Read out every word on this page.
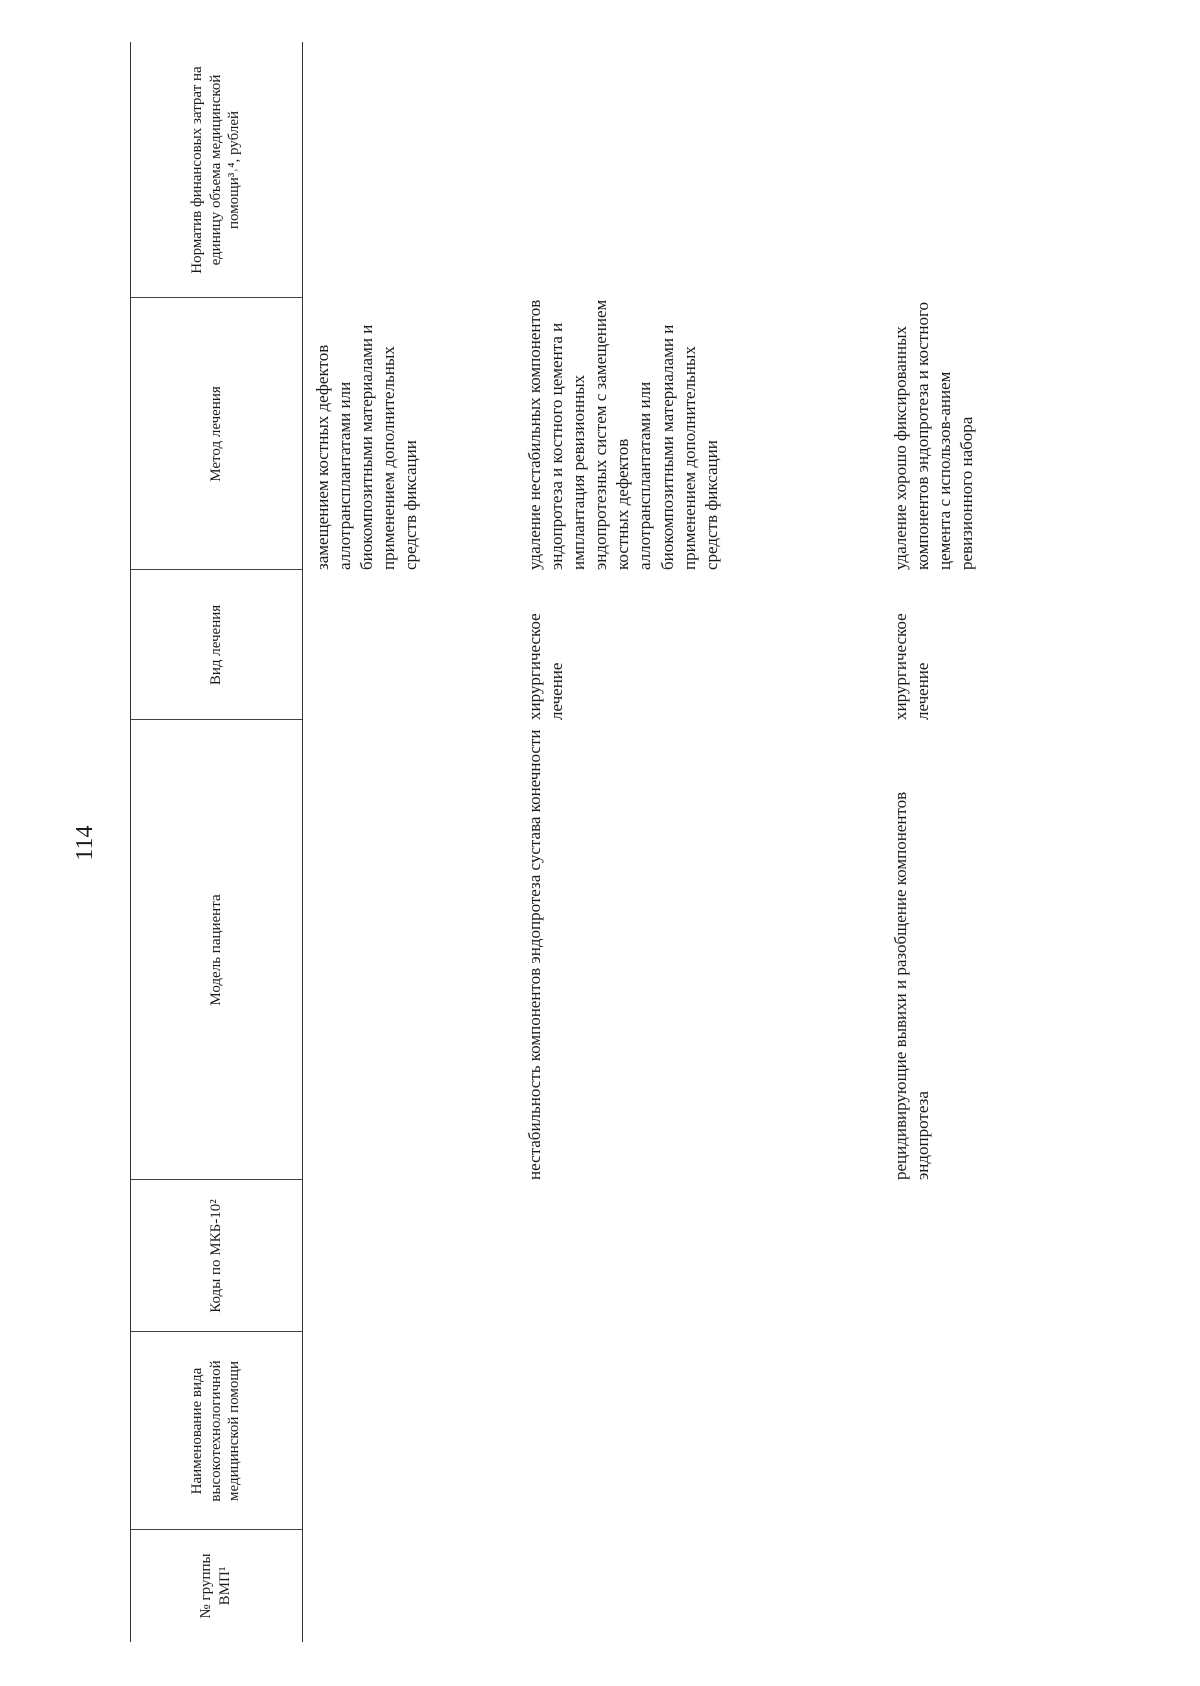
114
№ группы ВМП¹
Наименование вида высокотехнологичной медицинской помощи
Коды по МКБ-10²
Модель пациента
Вид лечения
Метод лечения
Норматив финансовых затрат на единицу объема медицинской помощи³˒⁴, рублей
замещением костных дефектов аллотрансплантатами или биокомпозитными материалами и применением дополнительных средств фиксации
нестабильность компонентов эндопротеза сустава конечности
хирургическое лечение
удаление нестабильных компонентов эндопротеза и костного цемента и имплантация ревизионных эндопротезных систем с замещением костных дефектов аллотрансплантатами или биокомпозитными материалами и применением дополнительных средств фиксации
рецидивирующие вывихи и разобщение компонентов эндопротеза
хирургическое лечение
удаление хорошо фиксированных компонентов эндопротеза и костного цемента с использов-анием ревизионного набора
